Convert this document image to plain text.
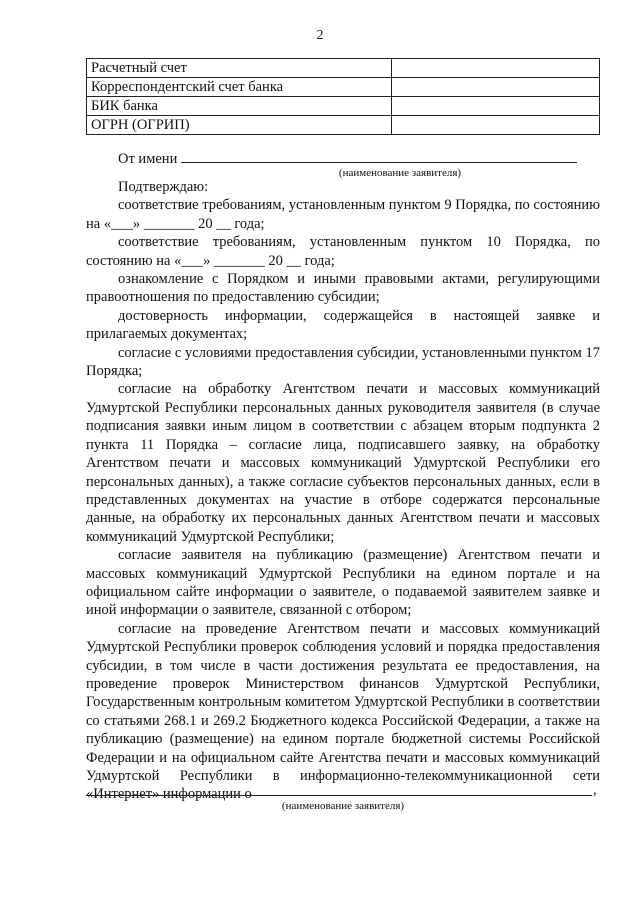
2
Расчетный счет	
Корреспондентский счет банка	
БИК банка	
ОГРН (ОГРИП)	
От имени
(наименование заявителя)

Подтверждаю:

соответствие требованиям, установленным пунктом 9 Порядка, по состоянию на «___» _______ 20 __ года;

соответствие требованиям, установленным пунктом 10 Порядка, по состоянию на «___» _______ 20 __ года;

ознакомление с Порядком и иными правовыми актами, регулирующими правоотношения по предоставлению субсидии;

достоверность информации, содержащейся в настоящей заявке и прилагаемых документах;

согласие с условиями предоставления субсидии, установленными пунктом 17 Порядка;

согласие на обработку Агентством печати и массовых коммуникаций Удмуртской Республики персональных данных руководителя заявителя (в случае подписания заявки иным лицом в соответствии с абзацем вторым подпункта 2 пункта 11 Порядка – согласие лица, подписавшего заявку, на обработку Агентством печати и массовых коммуникаций Удмуртской Республики его персональных данных), а также согласие субъектов персональных данных, если в представленных документах на участие в отборе содержатся персональные данные, на обработку их персональных данных Агентством печати и массовых коммуникаций Удмуртской Республики;

согласие заявителя на публикацию (размещение) Агентством печати и массовых коммуникаций Удмуртской Республики на едином портале и на официальном сайте информации о заявителе, о подаваемой заявителем заявке и иной информации о заявителе, связанной с отбором;

согласие на проведение Агентством печати и массовых коммуникаций Удмуртской Республики проверок соблюдения условий и порядка предоставления субсидии, в том числе в части достижения результата ее предоставления, на проведение проверок Министерством финансов Удмуртской Республики, Государственным контрольным комитетом Удмуртской Республики в соответствии со статьями 268.1 и 269.2 Бюджетного кодекса Российской Федерации, а также на публикацию (размещение) на едином портале бюджетной системы Российской Федерации и на официальном сайте Агентства печати и массовых коммуникаций Удмуртской Республики в информационно-телекоммуникационной сети «Интернет» информации о	,
(наименование заявителя)
